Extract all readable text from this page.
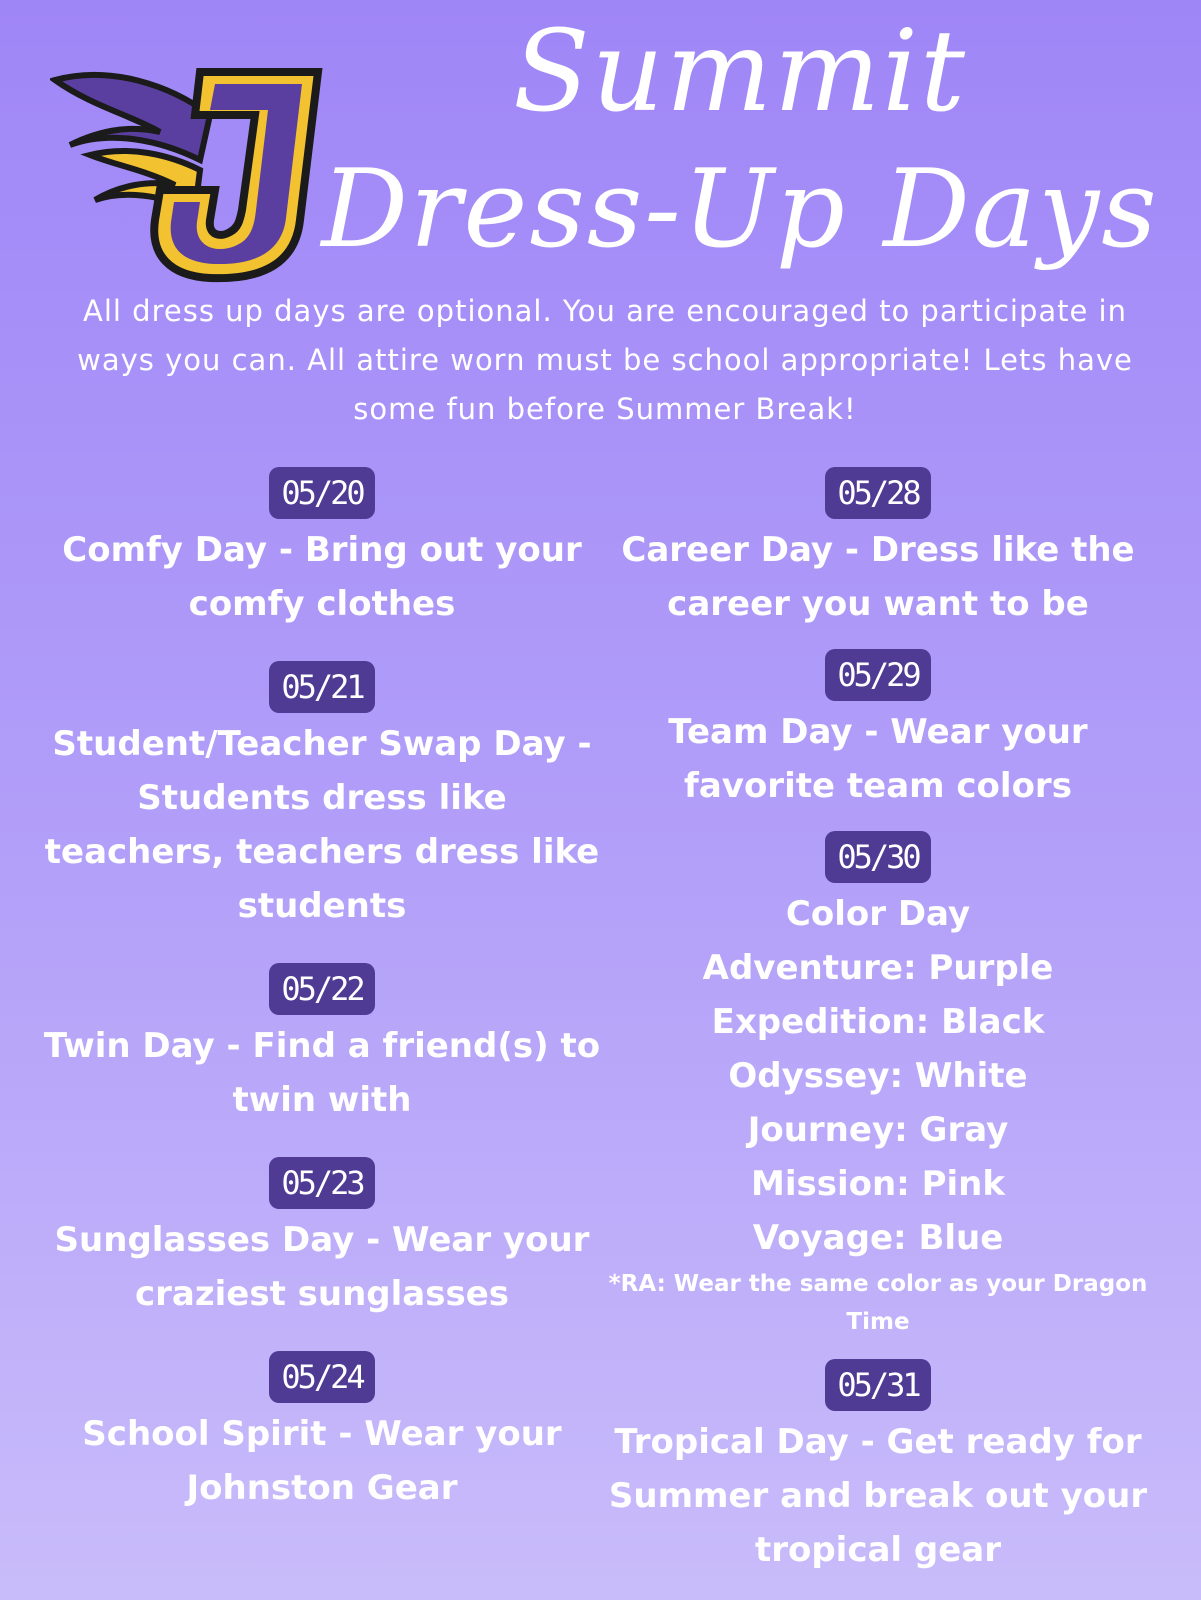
Summit
Dress-Up Days
All dress up days are optional. You are encouraged to participate in ways you can. All attire worn must be school appropriate! Lets have some fun before Summer Break!
05/20
Comfy Day - Bring out your comfy clothes
05/21
Student/Teacher Swap Day - Students dress like teachers, teachers dress like students
05/22
Twin Day - Find a friend(s) to twin with
05/23
Sunglasses Day - Wear your craziest sunglasses
05/24
School Spirit - Wear your Johnston Gear
05/28
Career Day - Dress like the career you want to be
05/29
Team Day - Wear your favorite team colors
05/30
Color Day
Adventure: Purple
Expedition: Black
Odyssey: White
Journey: Gray
Mission: Pink
Voyage: Blue
*RA: Wear the same color as your Dragon Time
05/31
Tropical Day - Get ready for Summer and break out your tropical gear
